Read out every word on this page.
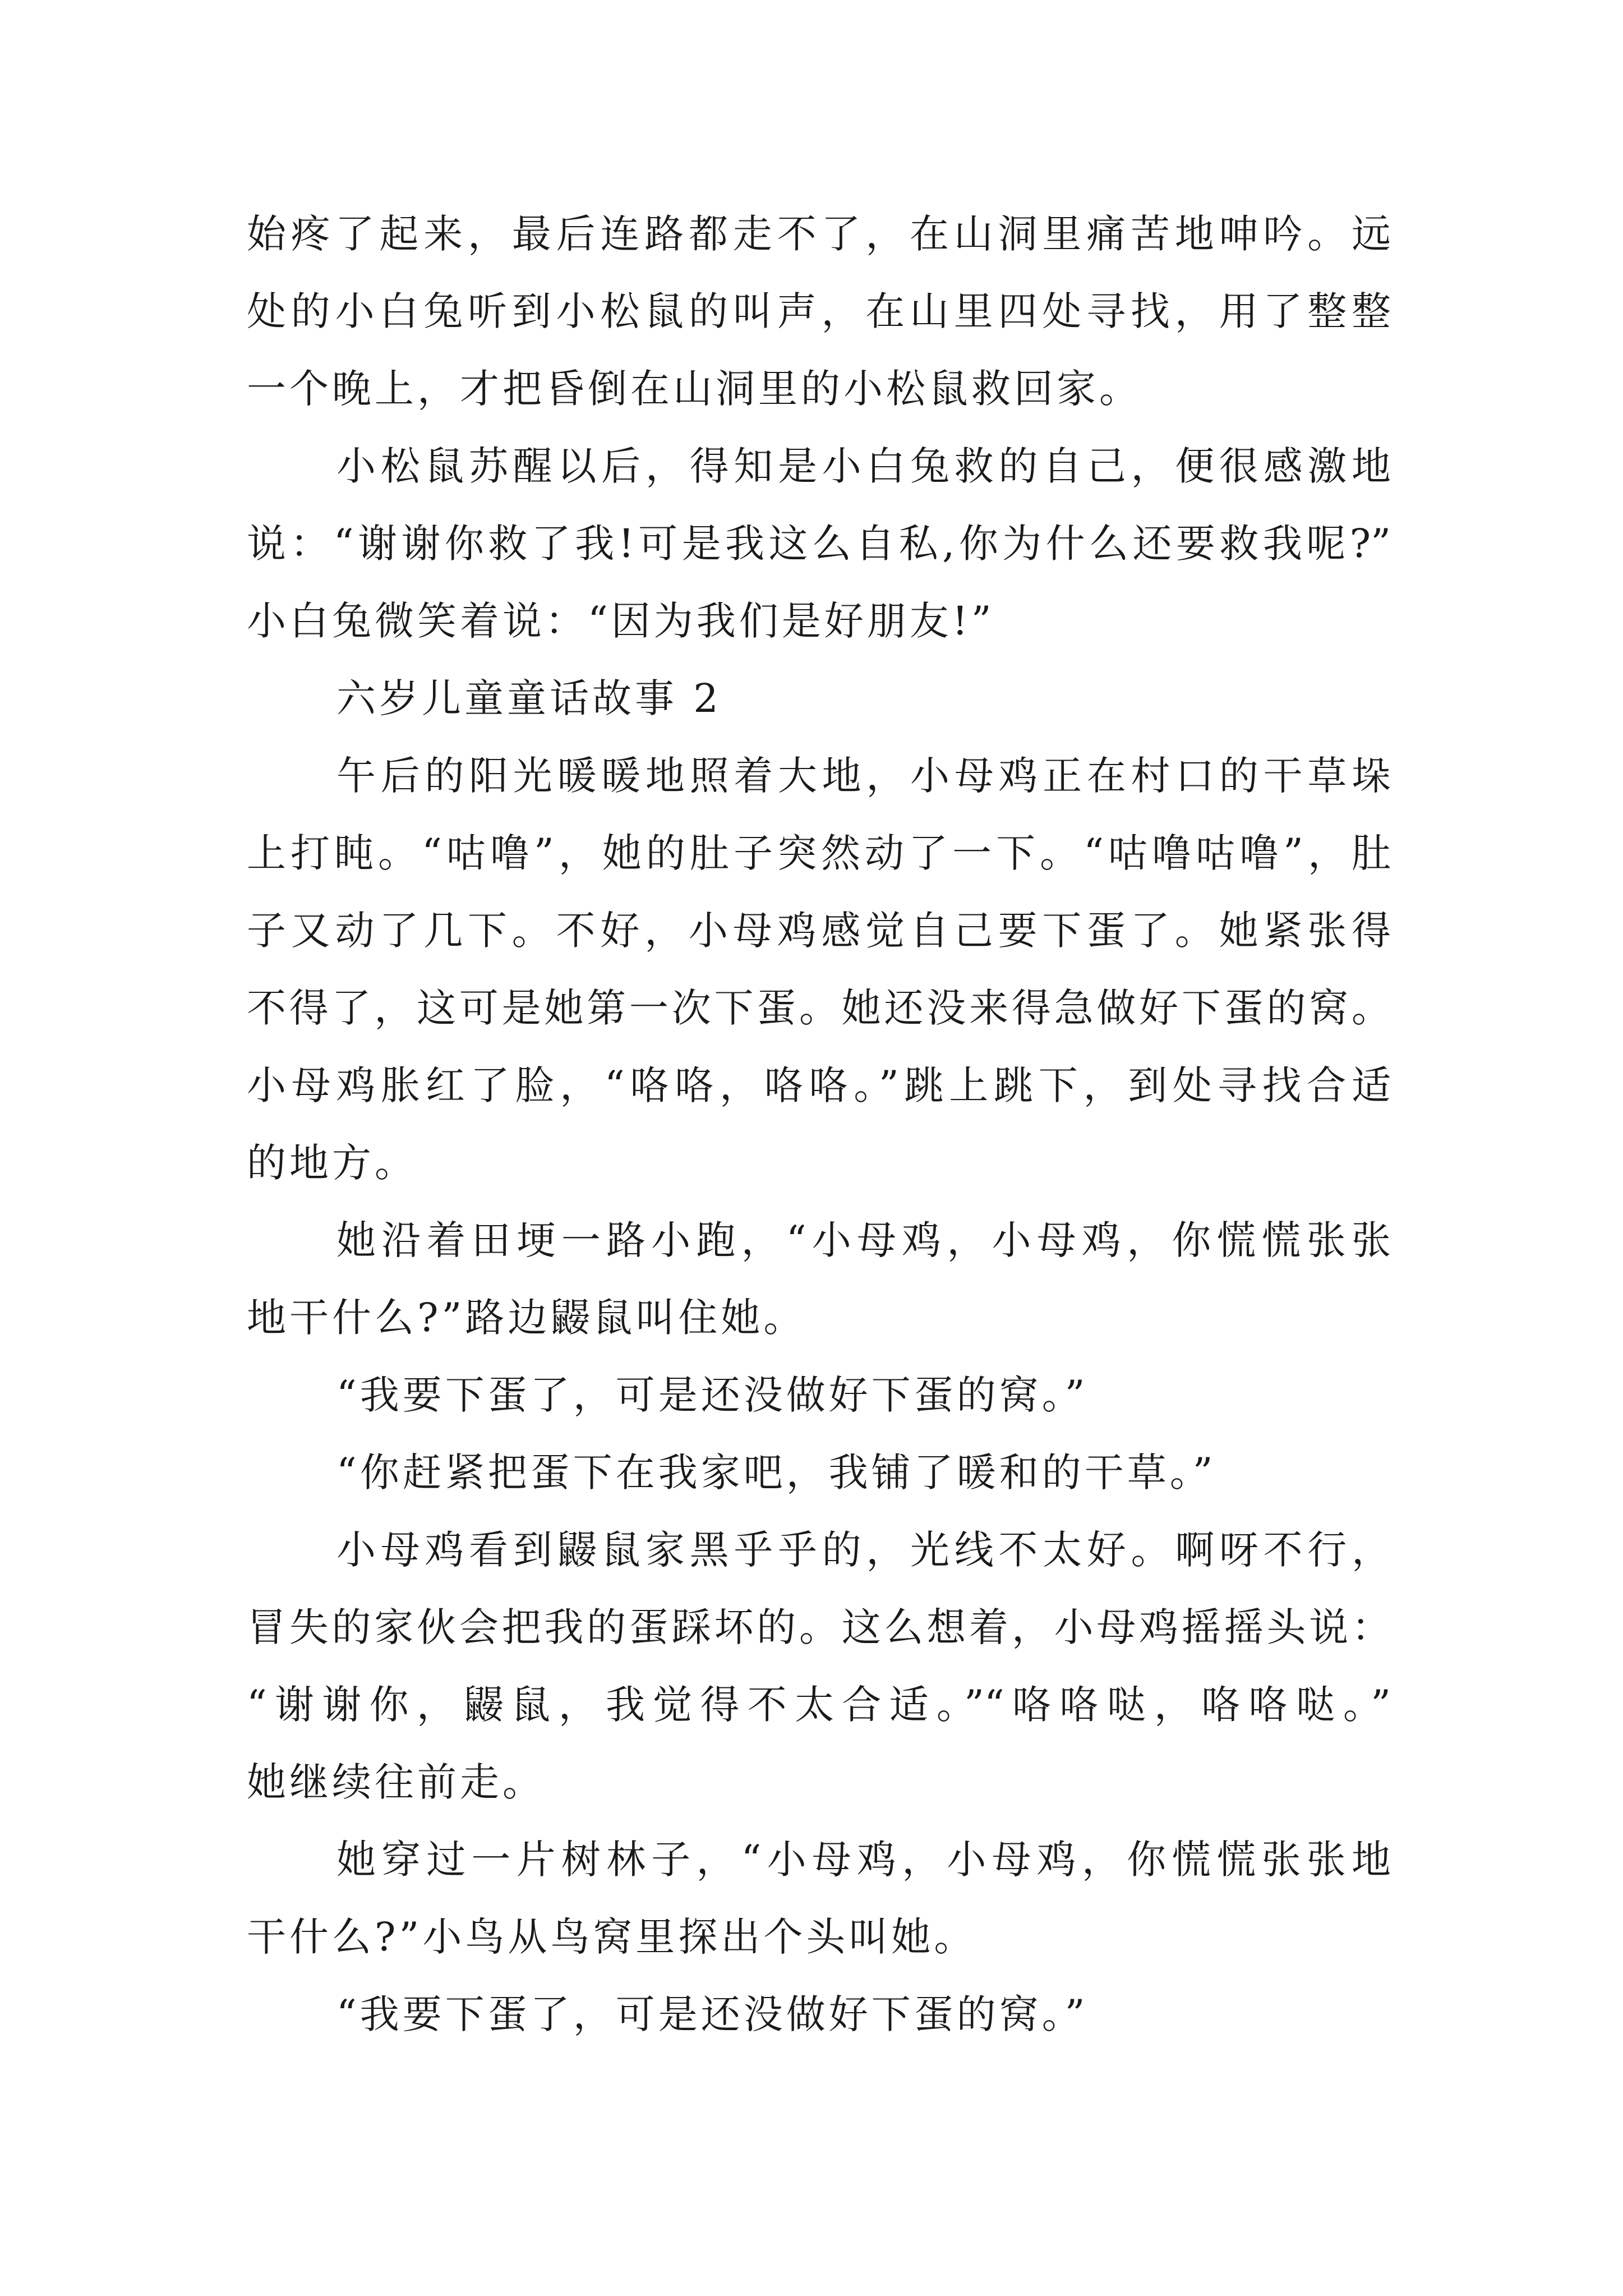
始疼了起来，最后连路都走不了，在山洞里痛苦地呻吟。远
处的小白兔听到小松鼠的叫声，在山里四处寻找，用了整整
一个晚上，才把昏倒在山洞里的小松鼠救回家。
小松鼠苏醒以后，得知是小白兔救的自己，便很感激地
说：“谢谢你救了我!可是我这么自私,你为什么还要救我呢?”
小白兔微笑着说：“因为我们是好朋友!”
六岁儿童童话故事 2
午后的阳光暖暖地照着大地，小母鸡正在村口的干草垛
上打盹。“咕噜”，她的肚子突然动了一下。“咕噜咕噜”，肚
子又动了几下。不好，小母鸡感觉自己要下蛋了。她紧张得
不得了，这可是她第一次下蛋。她还没来得急做好下蛋的窝。
小母鸡胀红了脸，“咯咯，咯咯。”跳上跳下，到处寻找合适
的地方。
她沿着田埂一路小跑，“小母鸡，小母鸡，你慌慌张张
地干什么?”路边鼹鼠叫住她。
“我要下蛋了，可是还没做好下蛋的窝。”
“你赶紧把蛋下在我家吧，我铺了暖和的干草。”
小母鸡看到鼹鼠家黑乎乎的，光线不太好。啊呀不行，
冒失的家伙会把我的蛋踩坏的。这么想着，小母鸡摇摇头说：
“谢谢你，鼹鼠，我觉得不太合适。”“咯咯哒，咯咯哒。”
她继续往前走。
她穿过一片树林子，“小母鸡，小母鸡，你慌慌张张地
干什么?”小鸟从鸟窝里探出个头叫她。
“我要下蛋了，可是还没做好下蛋的窝。”
